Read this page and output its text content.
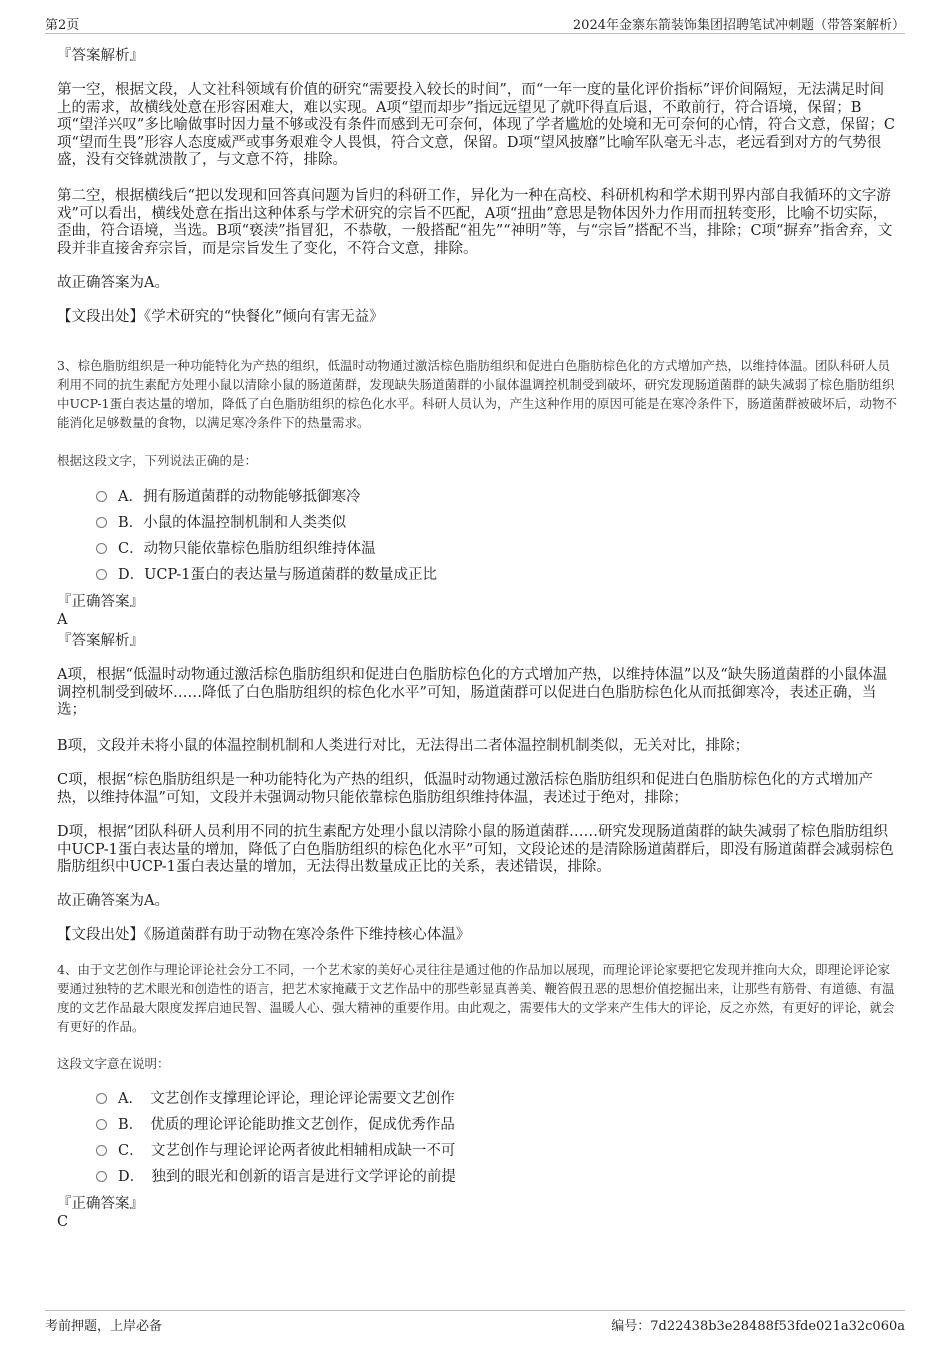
第2页	2024年金寨东箭装饰集团招聘笔试冲刺题（带答案解析）
『答案解析』
第一空，根据文段，人文社科领域有价值的研究“需要投入较长的时间”，而“一年一度的量化评价指标”评价间隔短，无法满足时间上的需求，故横线处意在形容困难大，难以实现。A项“望而却步”指远远望见了就吓得直后退，不敢前行，符合语境，保留；B项“望洋兴叹”多比喻做事时因力量不够或没有条件而感到无可奈何，体现了学者尴尬的处境和无可奈何的心情，符合文意，保留；C项“望而生畏”形容人态度威严或事务艰难令人畏惧，符合文意，保留。D项“望风披靡”比喻军队毫无斗志，老远看到对方的气势很盛，没有交锋就溃散了，与文意不符，排除。
第二空，根据横线后“把以发现和回答真问题为旨归的科研工作，异化为一种在高校、科研机构和学术期刊界内部自我循环的文字游戏”可以看出，横线处意在指出这种体系与学术研究的宗旨不匹配，A项“扭曲”意思是物体因外力作用而扭转变形，比喻不切实际，歪曲，符合语境，当选。B项“亵渎”指冒犯，不恭敬，一般搭配“祖先”“神明”等，与“宗旨”搭配不当，排除；C项“摒弃”指舍弃，文段并非直接舍弃宗旨，而是宗旨发生了变化，不符合文意，排除。
故正确答案为A。
【文段出处】《学术研究的“快餐化”倾向有害无益》
3、棕色脂肪组织是一种功能特化为产热的组织，低温时动物通过激活棕色脂肪组织和促进白色脂肪棕色化的方式增加产热，以维持体温。团队科研人员利用不同的抗生素配方处理小鼠以清除小鼠的肠道菌群，发现缺失肠道菌群的小鼠体温调控机制受到破坏，研究发现肠道菌群的缺失减弱了棕色脂肪组织中UCP-1蛋白表达量的增加，降低了白色脂肪组织的棕色化水平。科研人员认为，产生这种作用的原因可能是在寒冷条件下，肠道菌群被破坏后，动物不能消化足够数量的食物，以满足寒冷条件下的热量需求。
根据这段文字，下列说法正确的是：
A．拥有肠道菌群的动物能够抵御寒冷
B．小鼠的体温控制机制和人类类似
C．动物只能依靠棕色脂肪组织维持体温
D．UCP-1蛋白的表达量与肠道菌群的数量成正比
『正确答案』
A
『答案解析』
A项，根据“低温时动物通过激活棕色脂肪组织和促进白色脂肪棕色化的方式增加产热，以维持体温”以及“缺失肠道菌群的小鼠体温调控机制受到破坏……降低了白色脂肪组织的棕色化水平”可知，肠道菌群可以促进白色脂肪棕色化从而抵御寒冷，表述正确，当选；
B项，文段并未将小鼠的体温控制机制和人类进行对比，无法得出二者体温控制机制类似，无关对比，排除；
C项，根据“棕色脂肪组织是一种功能特化为产热的组织，低温时动物通过激活棕色脂肪组织和促进白色脂肪棕色化的方式增加产热，以维持体温”可知，文段并未强调动物只能依靠棕色脂肪组织维持体温，表述过于绝对，排除；
D项，根据“团队科研人员利用不同的抗生素配方处理小鼠以清除小鼠的肠道菌群……研究发现肠道菌群的缺失减弱了棕色脂肪组织中UCP-1蛋白表达量的增加，降低了白色脂肪组织的棕色化水平”可知，文段论述的是清除肠道菌群后，即没有肠道菌群会减弱棕色脂肪组织中UCP-1蛋白表达量的增加，无法得出数量成正比的关系，表述错误，排除。
故正确答案为A。
【文段出处】《肠道菌群有助于动物在寒冷条件下维持核心体温》
4、由于文艺创作与理论评论社会分工不同，一个艺术家的美好心灵往往是通过他的作品加以展现，而理论评论家要把它发现并推向大众，即理论评论家要通过独特的艺术眼光和创造性的语言，把艺术家掩藏于文艺作品中的那些彰显真善美、鞭笞假丑恶的思想价值挖掘出来，让那些有筋骨、有道德、有温度的文艺作品最大限度发挥启迪民智、温暖人心、强大精神的重要作用。由此观之，需要伟大的文学来产生伟大的评论，反之亦然，有更好的评论，就会有更好的作品。
这段文字意在说明：
A．　文艺创作支撑理论评论，理论评论需要文艺创作
B．　优质的理论评论能助推文艺创作，促成优秀作品
C．　文艺创作与理论评论两者彼此相辅相成缺一不可
D．　独到的眼光和创新的语言是进行文学评论的前提
『正确答案』
C
考前押题，上岸必备	编号：7d22438b3e28488f53fde021a32c060a
